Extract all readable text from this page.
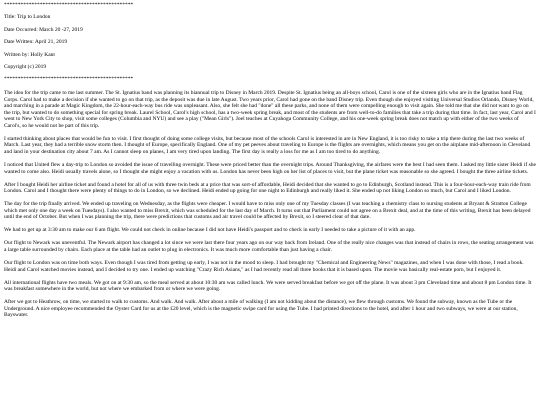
***********************************************
Title: Trip to London
Date Occurred: March 20 -27, 2019
Date Written: April 21, 2019
Written by: Holly Kant
Copyright (c) 2019
***********************************************

The idea for the trip came to me last summer. The St. Ignatius band was planning its biannual trip to Disney in March 2019. Despite St. Ignatius being an all-boys school, Carol is one of the sixteen girls who are in the Ignatius band Flag Corps. Carol had to make a decision if she wanted to go on that trip, as the deposit was due in late August. Two years prior, Carol had gone on the band Disney trip. Even though she enjoyed visiting Universal Studios Orlando, Disney World, and marching in a parade at Magic Kingdom, the 22-hour-each-way bus ride was unpleasant. Also, she felt she had "done" all these parks, and none of them were compelling enough to visit again. She told me that she did not want to go on the trip, but wanted to do something special for spring break. Laurel School, Carol's high school, has a two-week spring break, and most of the students are from well-to-do families that take a trip during that time. In fact, last year, Carol and I went to New York City to shop, visit some colleges (Columbia and NYU) and see a play ("Mean Girls"). Joel teaches at Cuyahoga Community College, and his one-week spring break does not match up with either of the two weeks of Carol's, so he would not be part of this trip.

I started thinking about places that would be fun to visit. I first thought of doing some college visits, but because most of the schools Carol is interested in are in New England, it is too risky to take a trip there during the last two weeks of March. Last year, they had a terrible snow storm then. I thought of Europe, specifically England. One of my pet peeves about traveling to Europe is the flights are overnights, which means you get on the airplane mid-afternoon in Cleveland and land in your destination city about 7 am. As I cannot sleep on planes, I am very tired upon landing. The first day is really a loss for me as I am too tired to do anything.

I noticed that United flew a day-trip to London so avoided the issue of travelling overnight. These were priced better than the overnight trips. Around Thanksgiving, the airfares were the best I had seen them. I asked my little sister Heidi if she wanted to come also. Heidi usually travels alone, so I thought she might enjoy a vacation with us. London has never been high on her list of places to visit, but the plane ticket was reasonable so she agreed. I bought the three airline tickets.

After I bought Heidi her airline ticket and found a hotel for all of us with three twin beds at a price that was sort-of affordable, Heidi decided that she wanted to go to Edinburgh, Scotland instead. This is a four-hour-each-way train ride from London. Carol and I thought there were plenty of things to do in London, so we declined. Heidi ended up going for one night to Edinburgh and really liked it. She ended up not liking London so much, but Carol and I liked London.

The day for the trip finally arrived. We ended up traveling on Wednesday, as the flights were cheaper. I would have to miss only one of my Tuesday classes (I was teaching a chemistry class to nursing students at Bryant & Stratton College which met only one day a week on Tuesdays). I also wanted to miss Brexit, which was scheduled for the last day of March. It turns out that Parliament could not agree on a Brexit deal, and at the time of this writing, Brexit has been delayed until the end of October. But when I was planning the trip, there were predictions that customs and air travel could be affected by Brexit, so I steered clear of that date.

We had to get up at 3:30 am to make our 6 am flight. We could not check in online because I did not have Heidi's passport and to check in early I needed to take a picture of it with an app.

Our flight to Newark was uneventful. The Newark airport has changed a lot since we were last there four years ago on our way back from Ireland. One of the really nice changes was that instead of chairs in rows, the seating arrangement was a large table surrounded by chairs. Each place at the table had an outlet to plug in electronics. It was much more comfortable than just having a chair.

Our flight to London was on time both ways. Even though I was tired from getting up early, I was not in the mood to sleep. I had brought my "Chemical and Engineering News" magazines, and when I was done with those, I read a book. Heidi and Carol watched movies instead, and I decided to try one. I ended up watching "Crazy Rich Asians," as I had recently read all three books that it is based upon. The movie was basically real-estate porn, but I enjoyed it.

All international flights have two meals. We got on at 9:30 am, so the meal served at about 10:30 am was called lunch. We were served breakfast before we got off the plane. It was about 3 pm Cleveland time and about 8 pm London time. It was breakfast somewhere in the world, but not where we embarked from or where we were going.

After we got to Heathrow, on time, we started to walk to customs. And walk. And walk. After about a mile of walking (I am not kidding about the distance), we flew through customs. We found the subway, known as the Tube or the Underground. A nice employee recommended the Oyster Card for us at the £20 level, which is the magnetic swipe card for using the Tube. I had printed directions to the hotel, and after 1 hour and two subways, we were at our station, Bayswater.
